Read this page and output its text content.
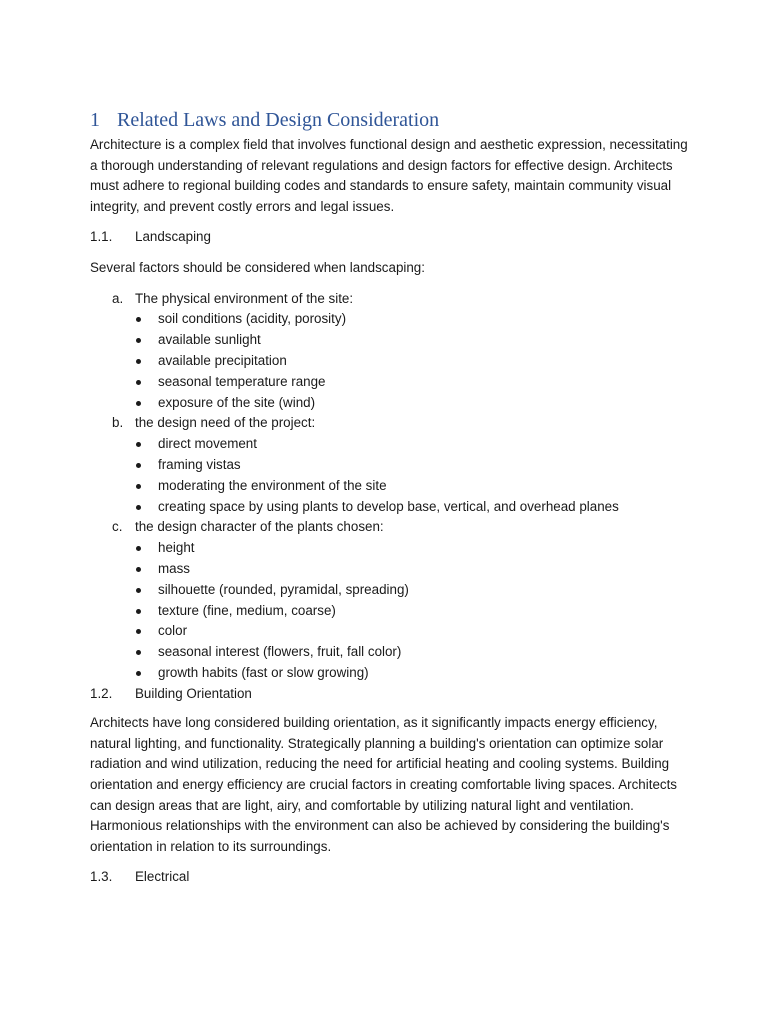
1 Related Laws and Design Consideration

Architecture is a complex field that involves functional design and aesthetic expression, necessitating a thorough understanding of relevant regulations and design factors for effective design. Architects must adhere to regional building codes and standards to ensure safety, maintain community visual integrity, and prevent costly errors and legal issues.

1.1. Landscaping

Several factors should be considered when landscaping:

a. The physical environment of the site:
soil conditions (acidity, porosity)
available sunlight
available precipitation
seasonal temperature range
exposure of the site (wind)
b. the design need of the project:
direct movement
framing vistas
moderating the environment of the site
creating space by using plants to develop base, vertical, and overhead planes
c. the design character of the plants chosen:
height
mass
silhouette (rounded, pyramidal, spreading)
texture (fine, medium, coarse)
color
seasonal interest (flowers, fruit, fall color)
growth habits (fast or slow growing)
1.2. Building Orientation

Architects have long considered building orientation, as it significantly impacts energy efficiency, natural lighting, and functionality. Strategically planning a building's orientation can optimize solar radiation and wind utilization, reducing the need for artificial heating and cooling systems. Building orientation and energy efficiency are crucial factors in creating comfortable living spaces. Architects can design areas that are light, airy, and comfortable by utilizing natural light and ventilation. Harmonious relationships with the environment can also be achieved by considering the building's orientation in relation to its surroundings.

1.3. Electrical
